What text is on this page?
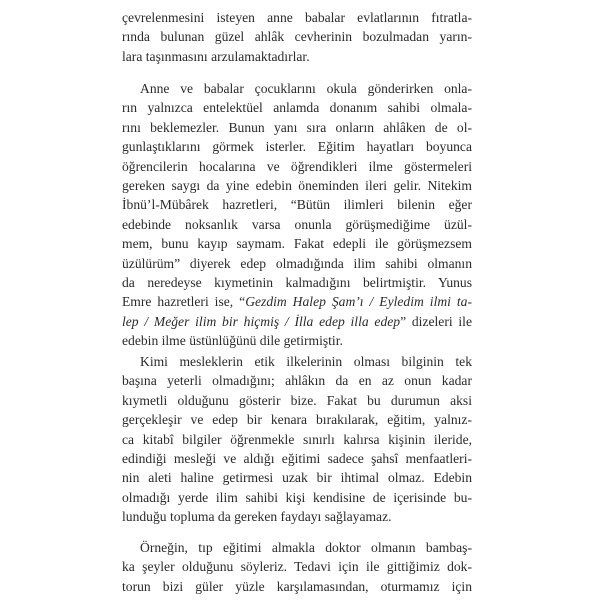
çevrelenmesini isteyen anne babalar evlatlarının fıtratla-
rında bulunan güzel ahlâk cevherinin bozulmadan yarın-
lara taşınmasını arzulamaktadırlar.
Anne ve babalar çocuklarını okula gönderirken onla-
rın yalnızca entelektüel anlamda donanım sahibi olmala-
rını beklemezler. Bunun yanı sıra onların ahlâken de ol-
gunlaştıklarını görmek isterler. Eğitim hayatları boyunca
öğrencilerin hocalarına ve öğrendikleri ilme göstermeleri
gereken saygı da yine edebin öneminden ileri gelir. Nitekim
İbnü’l-Mübârek hazretleri, “Bütün ilimleri bilenin eğer
edebinde noksanlık varsa onunla görüşmediğime üzül-
mem, bunu kayıp saymam. Fakat edepli ile görüşmezsem
üzülürüm” diyerek edep olmadığında ilim sahibi olmanın
da neredeyse kıymetinin kalmadığını belirtmiştir. Yunus
Emre hazretleri ise, “Gezdim Halep Şam’ı / Eyledim ilmi ta-
lep / Meğer ilim bir hiçmiş / İlla edep illa edep” dizeleri ile
edebin ilme üstünlüğünü dile getirmiştir.
Kimi mesleklerin etik ilkelerinin olması bilginin tek
başına yeterli olmadığını; ahlâkın da en az onun kadar
kıymetli olduğunu gösterir bize. Fakat bu durumun aksi
gerçekleşir ve edep bir kenara bırakılarak, eğitim, yalnız-
ca kitabî bilgiler öğrenmekle sınırlı kalırsa kişinin ileride,
edindiği mesleği ve aldığı eğitimi sadece şahsî menfaatleri-
nin aleti haline getirmesi uzak bir ihtimal olmaz. Edebin
olmadığı yerde ilim sahibi kişi kendisine de içerisinde bu-
lunduğu topluma da gereken faydayı sağlayamaz.
Örneğin, tıp eğitimi almakla doktor olmanın bambaş-
ka şeyler olduğunu söyleriz. Tedavi için ile gittiğimiz dok-
torun bizi güler yüzle karşılamasından, oturmamız için
